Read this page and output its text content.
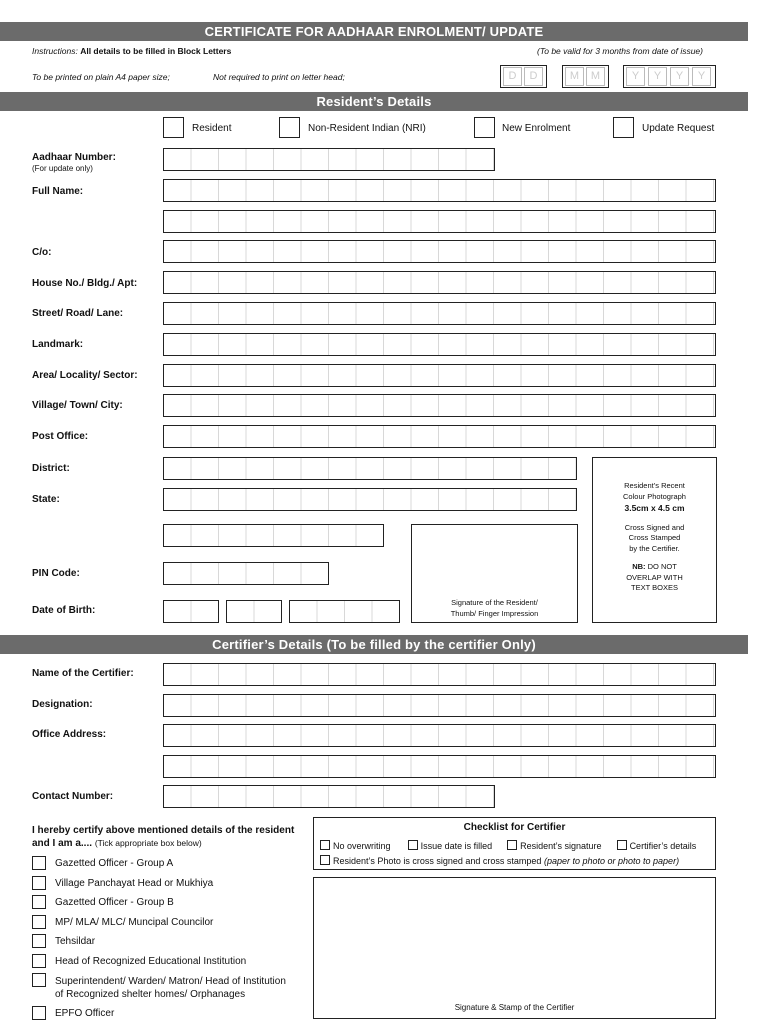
CERTIFICATE FOR AADHAAR ENROLMENT/ UPDATE
Instructions: All details to be filled in Block Letters	(To be valid for 3 months from date of issue)
To be printed on plain A4 paper size;	Not required to print on letter head;	D	D	M	M	Y	Y	Y	Y
Resident’s Details
Resident	Non-Resident Indian (NRI)	New Enrolment	Update Request
Aadhaar Number:
(For update only)
Full Name:
C/o:
House No./ Bldg./ Apt:
Street/ Road/ Lane:
Landmark:
Area/ Locality/ Sector:
Village/ Town/ City:
Post Office:
District:
State:
Signature of the Resident/
Thumb/ Finger Impression
PIN Code:
Date of Birth:
Resident’s Recent
Colour Photograph
3.5cm x 4.5 cm
Cross Signed and
Cross Stamped
by the Certifier.
NB: DO NOT
OVERLAP WITH
TEXT BOXES
Certifier’s Details (To be filled by the certifier Only)
Name of the Certifier:
Designation:
Office Address:
Contact Number:
I hereby certify above mentioned details of the resident
and I am a.... (Tick appropriate box below)
Gazetted Officer - Group A
Village Panchayat Head or Mukhiya
Gazetted Officer - Group B
MP/ MLA/ MLC/ Muncipal Councilor
Tehsildar
Head of Recognized Educational Institution
Superintendent/ Warden/ Matron/ Head of Institution
of Recognized shelter homes/ Orphanages
EPFO Officer
Checklist for Certifier
No overwriting	Issue date is filled	Resident’s signature	Certifier’s details
Resident’s Photo is cross signed and cross stamped (paper to photo or photo to paper)
Signature & Stamp of the Certifier
